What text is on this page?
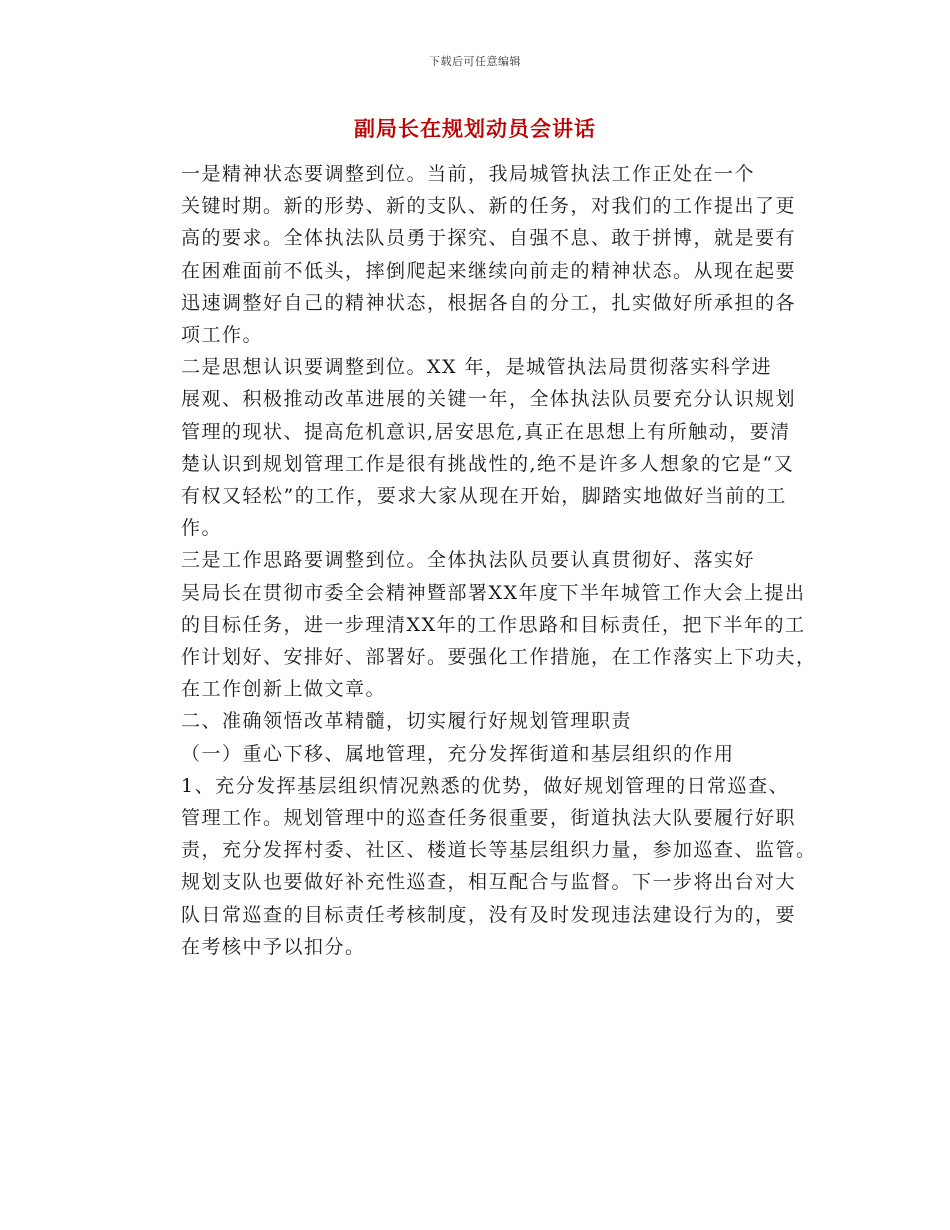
下载后可任意编辑
副局长在规划动员会讲话

一是精神状态要调整到位。当前，我局城管执法工作正处在一个
关键时期。新的形势、新的支队、新的任务，对我们的工作提出了更
高的要求。全体执法队员勇于探究、自强不息、敢于拼博，就是要有
在困难面前不低头，摔倒爬起来继续向前走的精神状态。从现在起要
迅速调整好自己的精神状态，根据各自的分工，扎实做好所承担的各
项工作。

二是思想认识要调整到位。XX 年，是城管执法局贯彻落实科学进
展观、积极推动改革进展的关键一年，全体执法队员要充分认识规划
管理的现状、提高危机意识,居安思危,真正在思想上有所触动，要清
楚认识到规划管理工作是很有挑战性的,绝不是许多人想象的它是“又
有权又轻松”的工作，要求大家从现在开始，脚踏实地做好当前的工
作。

三是工作思路要调整到位。全体执法队员要认真贯彻好、落实好
吴局长在贯彻市委全会精神暨部署XX年度下半年城管工作大会上提出
的目标任务，进一步理清XX年的工作思路和目标责任，把下半年的工
作计划好、安排好、部署好。要强化工作措施，在工作落实上下功夫，
在工作创新上做文章。

二、准确领悟改革精髓，切实履行好规划管理职责

（一）重心下移、属地管理，充分发挥街道和基层组织的作用

1、充分发挥基层组织情况熟悉的优势，做好规划管理的日常巡查、
管理工作。规划管理中的巡查任务很重要，街道执法大队要履行好职
责，充分发挥村委、社区、楼道长等基层组织力量，参加巡查、监管。
规划支队也要做好补充性巡查，相互配合与监督。下一步将出台对大
队日常巡查的目标责任考核制度，没有及时发现违法建设行为的，要
在考核中予以扣分。
